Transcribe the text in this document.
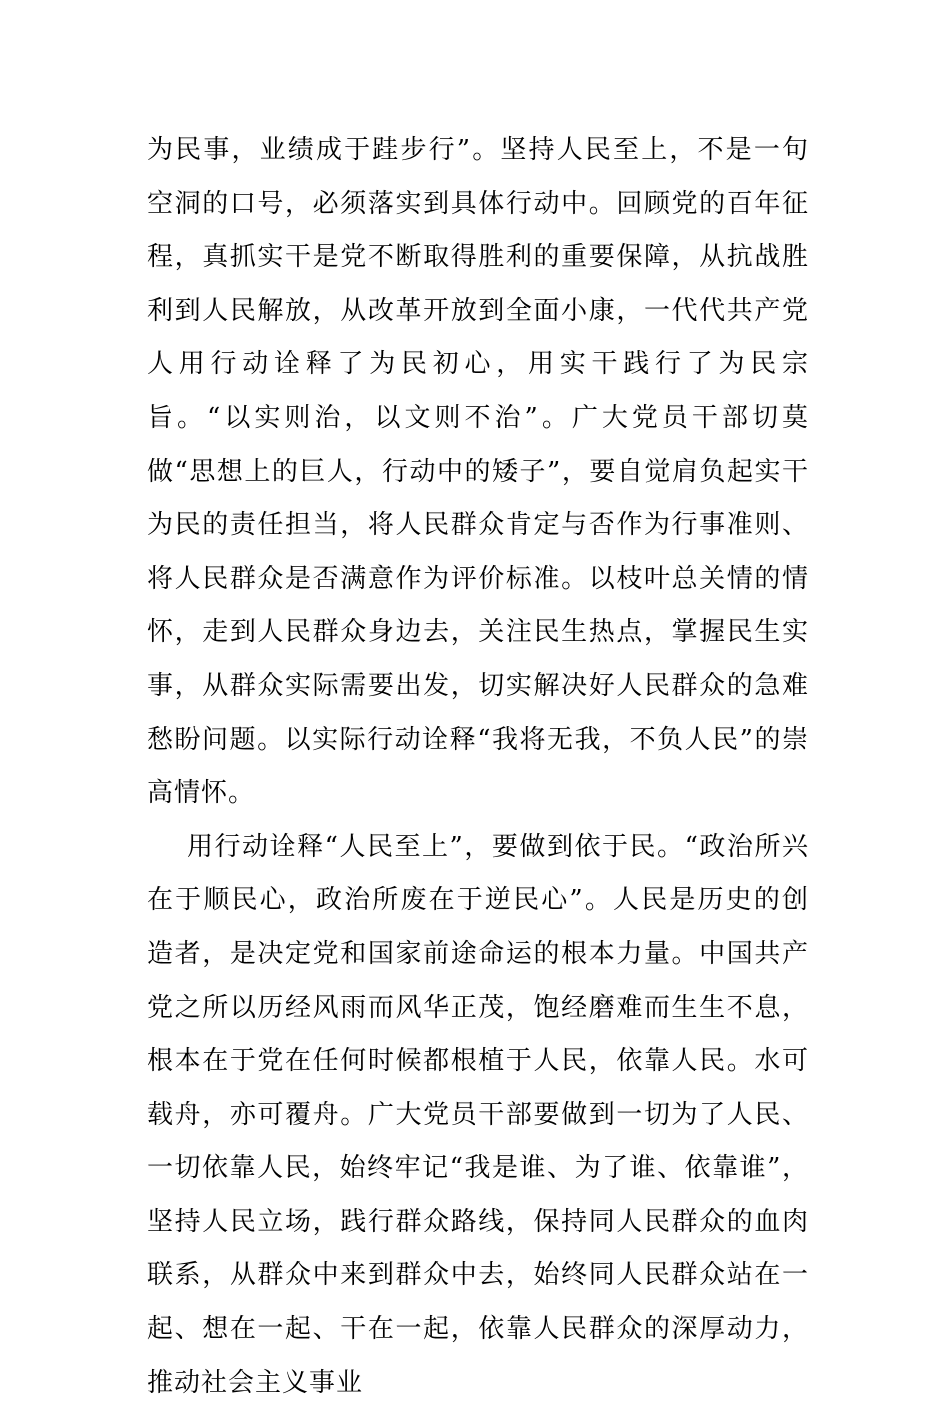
为民事，业绩成于跬步行”。坚持人民至上，不是一句空洞的口号，必须落实到具体行动中。回顾党的百年征程，真抓实干是党不断取得胜利的重要保障，从抗战胜利到人民解放，从改革开放到全面小康，一代代共产党人用行动诠释了为民初心，用实干践行了为民宗旨。“以实则治，以文则不治”。广大党员干部切莫做“思想上的巨人，行动中的矮子”，要自觉肩负起实干为民的责任担当，将人民群众肯定与否作为行事准则、将人民群众是否满意作为评价标准。以枝叶总关情的情怀，走到人民群众身边去，关注民生热点，掌握民生实事，从群众实际需要出发，切实解决好人民群众的急难愁盼问题。以实际行动诠释“我将无我，不负人民”的崇高情怀。

用行动诠释“人民至上”，要做到依于民。“政治所兴在于顺民心，政治所废在于逆民心”。人民是历史的创造者，是决定党和国家前途命运的根本力量。中国共产党之所以历经风雨而风华正茂，饱经磨难而生生不息，根本在于党在任何时候都根植于人民，依靠人民。水可载舟，亦可覆舟。广大党员干部要做到一切为了人民、一切依靠人民，始终牢记“我是谁、为了谁、依靠谁”，坚持人民立场，践行群众路线，保持同人民群众的血肉联系，从群众中来到群众中去，始终同人民群众站在一起、想在一起、干在一起，依靠人民群众的深厚动力，推动社会主义事业
